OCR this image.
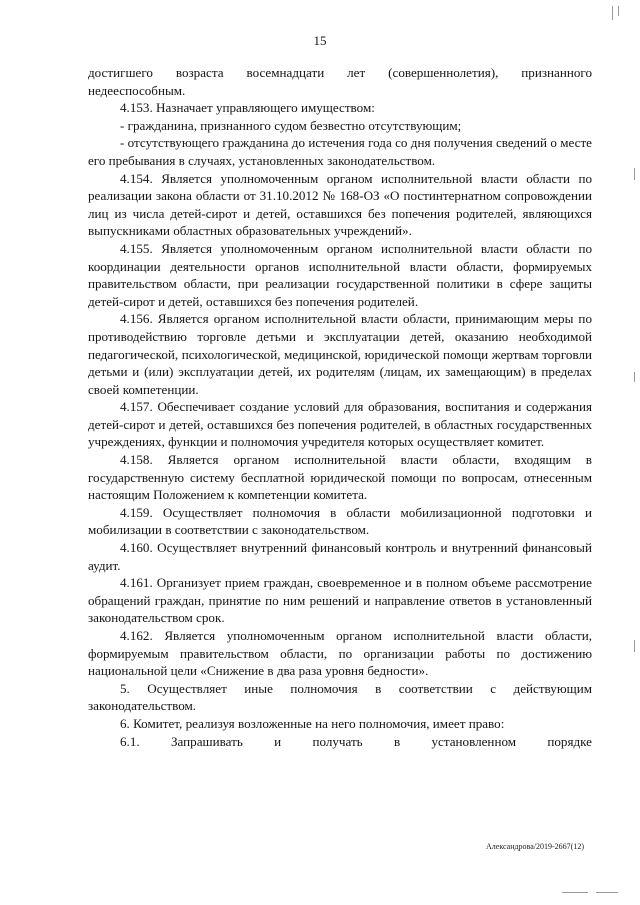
15

достигшего возраста восемнадцати лет (совершеннолетия), признанного недееспособным.

4.153. Назначает управляющего имуществом:

- гражданина, признанного судом безвестно отсутствующим;

- отсутствующего гражданина до истечения года со дня получения сведений о месте его пребывания в случаях, установленных законодательством.

4.154. Является уполномоченным органом исполнительной власти области по реализации закона области от 31.10.2012 № 168-ОЗ «О постинтернатном сопровождении лиц из числа детей-сирот и детей, оставшихся без попечения родителей, являющихся выпускниками областных образовательных учреждений».

4.155. Является уполномоченным органом исполнительной власти области по координации деятельности органов исполнительной власти области, формируемых правительством области, при реализации государственной политики в сфере защиты детей-сирот и детей, оставшихся без попечения родителей.

4.156. Является органом исполнительной власти области, принимающим меры по противодействию торговле детьми и эксплуатации детей, оказанию необходимой педагогической, психологической, медицинской, юридической помощи жертвам торговли детьми и (или) эксплуатации детей, их родителям (лицам, их замещающим) в пределах своей компетенции.

4.157. Обеспечивает создание условий для образования, воспитания и содержания детей-сирот и детей, оставшихся без попечения родителей, в областных государственных учреждениях, функции и полномочия учредителя которых осуществляет комитет.

4.158. Является органом исполнительной власти области, входящим в государственную систему бесплатной юридической помощи по вопросам, отнесенным настоящим Положением к компетенции комитета.

4.159. Осуществляет полномочия в области мобилизационной подготовки и мобилизации в соответствии с законодательством.

4.160. Осуществляет внутренний финансовый контроль и внутренний финансовый аудит.

4.161. Организует прием граждан, своевременное и в полном объеме рассмотрение обращений граждан, принятие по ним решений и направление ответов в установленный законодательством срок.

4.162. Является уполномоченным органом исполнительной власти области, формируемым правительством области, по организации работы по достижению национальной цели «Снижение в два раза уровня бедности».

5. Осуществляет иные полномочия в соответствии с действующим законодательством.

6. Комитет, реализуя возложенные на него полномочия, имеет право:

6.1. Запрашивать и получать в установленном порядке

Александрова/2019-2667(12)
